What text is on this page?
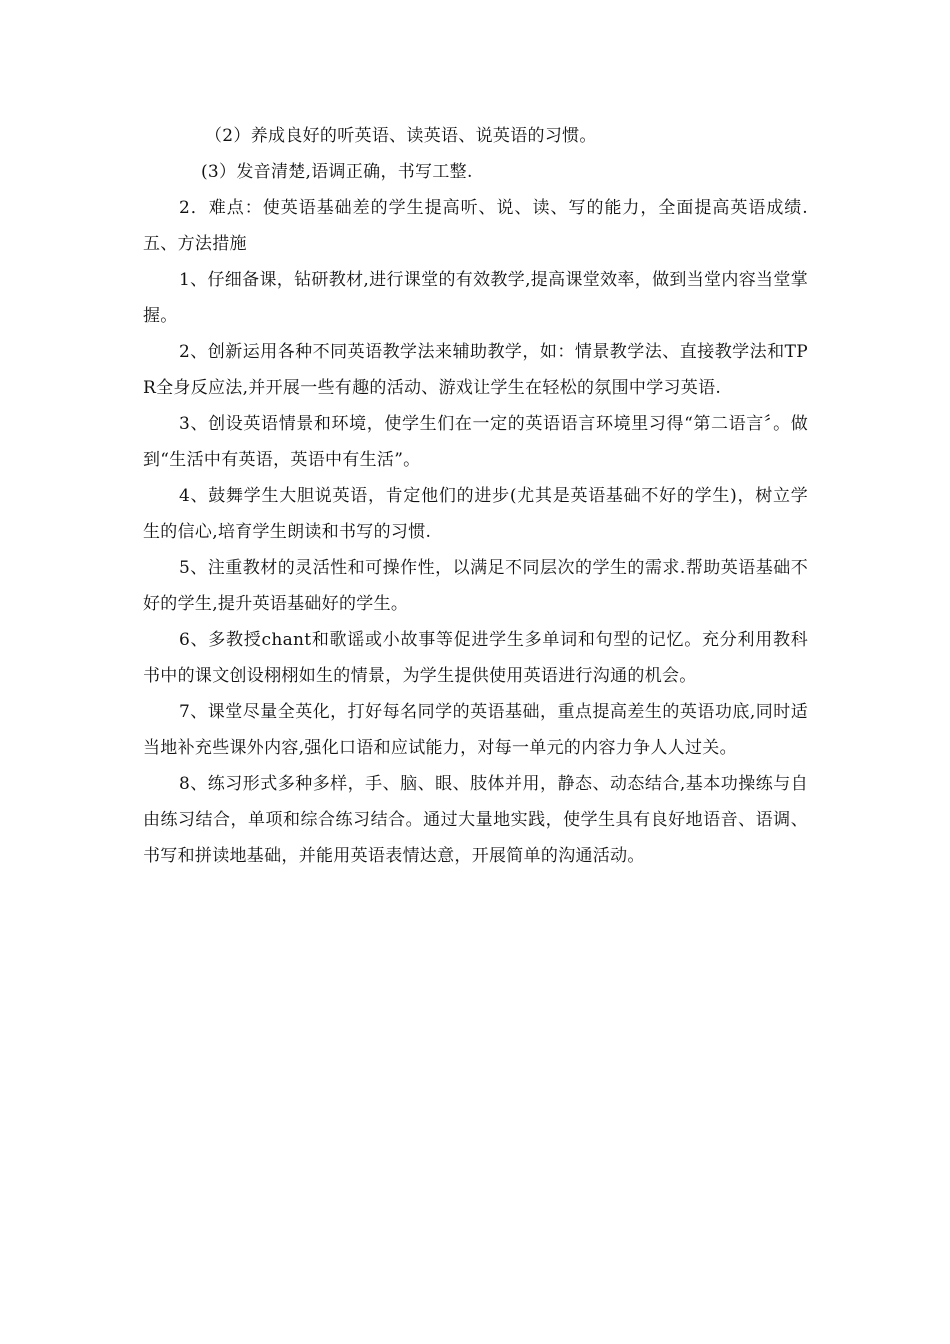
（2）养成良好的听英语、读英语、说英语的习惯。

(3）发音清楚,语调正确，书写工整.

2．难点：使英语基础差的学生提高听、说、读、写的能力，全面提高英语成绩.五、方法措施

1、仔细备课，钻研教材,进行课堂的有效教学,提高课堂效率，做到当堂内容当堂掌握。

2、创新运用各种不同英语教学法来辅助教学，如：情景教学法、直接教学法和TPR全身反应法,并开展一些有趣的活动、游戏让学生在轻松的氛围中学习英语.

3、创设英语情景和环境，使学生们在一定的英语语言环境里习得“第二语言〞。做到“生活中有英语，英语中有生活”。

4、鼓舞学生大胆说英语，肯定他们的进步(尤其是英语基础不好的学生)，树立学生的信心,培育学生朗读和书写的习惯.

5、注重教材的灵活性和可操作性，以满足不同层次的学生的需求.帮助英语基础不好的学生,提升英语基础好的学生。

6、多教授chant和歌谣或小故事等促进学生多单词和句型的记忆。充分利用教科书中的课文创设栩栩如生的情景，为学生提供使用英语进行沟通的机会。

7、课堂尽量全英化，打好每名同学的英语基础，重点提高差生的英语功底,同时适当地补充些课外内容,强化口语和应试能力，对每一单元的内容力争人人过关。

8、练习形式多种多样，手、脑、眼、肢体并用，静态、动态结合,基本功操练与自由练习结合，单项和综合练习结合。通过大量地实践，使学生具有良好地语音、语调、书写和拼读地基础，并能用英语表情达意，开展简单的沟通活动。
